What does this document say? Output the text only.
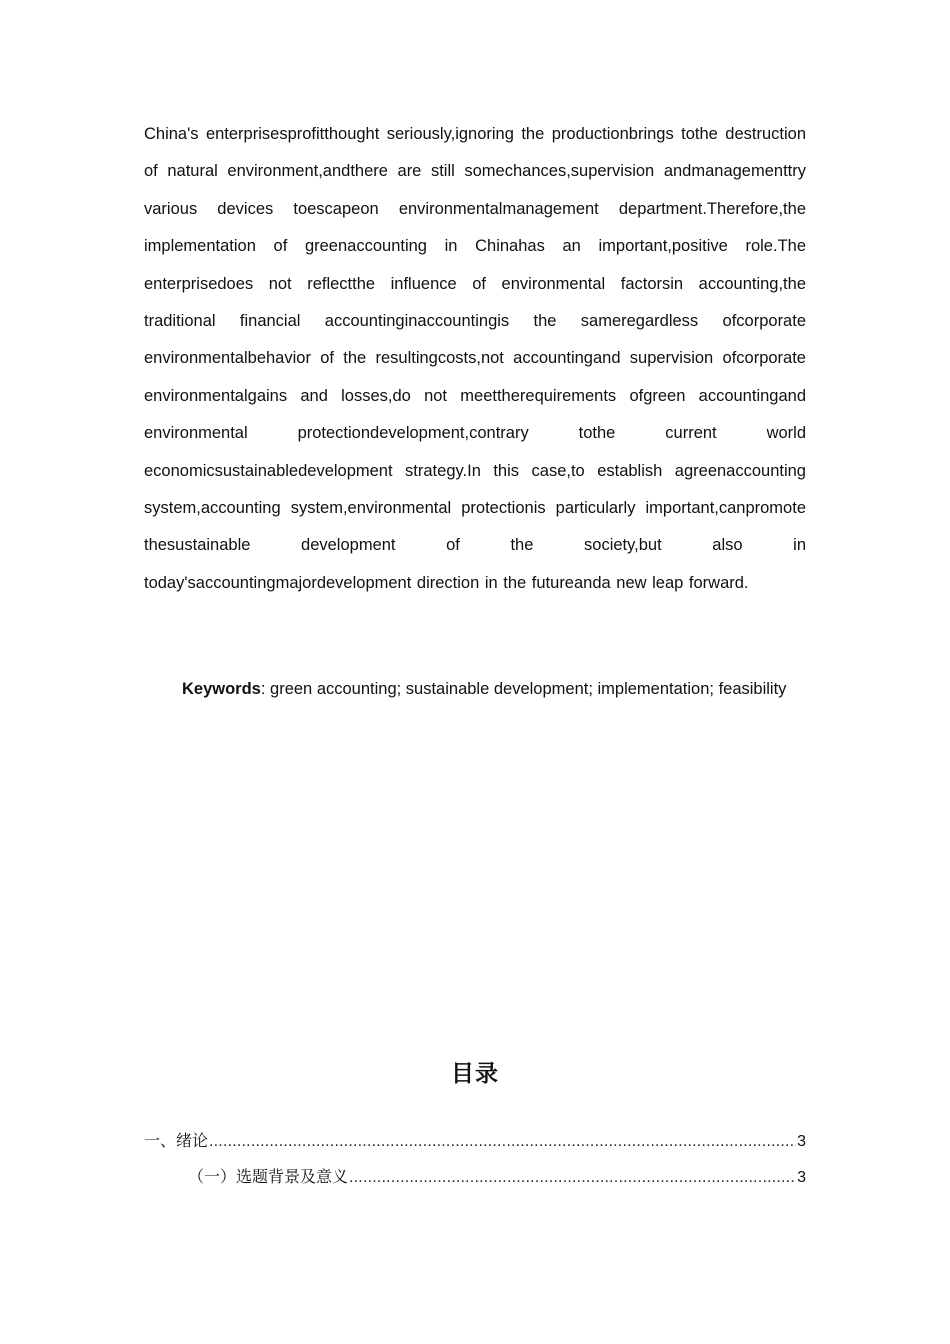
China's enterprisesprofitthought seriously,ignoring the productionbrings tothe destruction of natural environment,andthere are still somechances,supervision andmanagementtry various devices toescapeon environmentalmanagement department.Therefore,the implementation of greenaccounting in Chinahas an important,positive role.The enterprisedoes not reflectthe influence of environmental factorsin accounting,the traditional financial accountinginaccountingis the sameregardless ofcorporate environmentalbehavior of the resultingcosts,not accountingand supervision ofcorporate environmentalgains and losses,do not meettherequirements ofgreen accountingand environmental protectiondevelopment,contrary tothe current world economicsustainabledevelopment strategy.In this case,to establish agreenaccounting system,accounting system,environmental protectionis particularly important,canpromote thesustainable development of the society,but also in today'saccountingmajordevelopment direction in the futureanda new leap forward.

Keywords: green accounting; sustainable development; implementation; feasibility

目录
一、绪论 .....	3
（一）选题背景及意义 .....	3
